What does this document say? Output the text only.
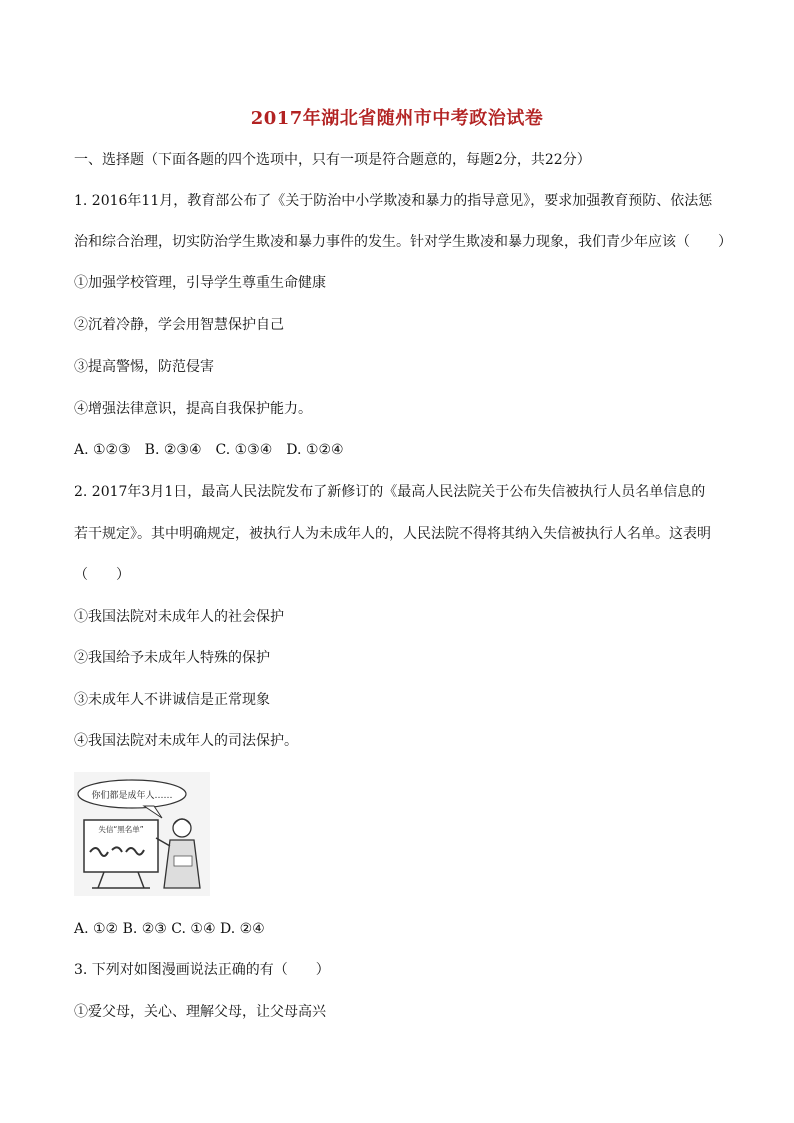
2017年湖北省随州市中考政治试卷
一、选择题（下面各题的四个选项中，只有一项是符合题意的，每题2分，共22分）
1. 2016年11月，教育部公布了《关于防治中小学欺凌和暴力的指导意见》，要求加强教育预防、依法惩
治和综合治理，切实防治学生欺凌和暴力事件的发生。针对学生欺凌和暴力现象，我们青少年应该（　　）
①加强学校管理，引导学生尊重生命健康
②沉着冷静，学会用智慧保护自己
③提高警惕，防范侵害
④增强法律意识，提高自我保护能力。
A. ①②③　B. ②③④　C. ①③④　D. ①②④
2. 2017年3月1日，最高人民法院发布了新修订的《最高人民法院关于公布失信被执行人员名单信息的
若干规定》。其中明确规定，被执行人为未成年人的，人民法院不得将其纳入失信被执行人名单。这表明
（　　）
①我国法院对未成年人的社会保护
②我国给予未成年人特殊的保护
③未成年人不讲诚信是正常现象
④我国法院对未成年人的司法保护。
你们都是成年人……
失信“黑名单”
A. ①② B. ②③ C. ①④ D. ②④
3. 下列对如图漫画说法正确的有（　　）
①爱父母，关心、理解父母，让父母高兴
